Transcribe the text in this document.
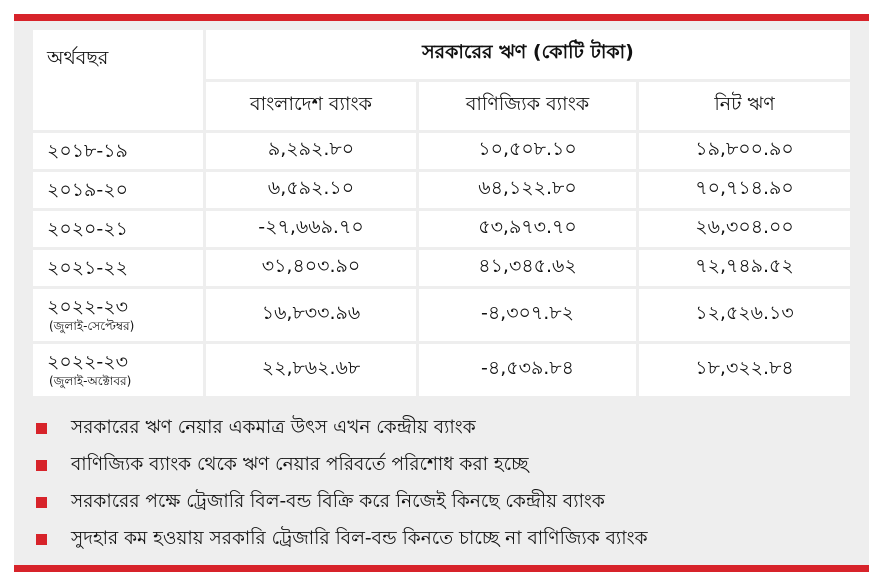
অর্থবছর	সরকারের ঋণ (কোটি টাকা)		
	বাংলাদেশ ব্যাংক	বাণিজ্যিক ব্যাংক	নিট ঋণ

২০১৮-১৯	৯,২৯২.৮০	১০,৫০৮.১০	১৯,৮০০.৯০

২০১৯-২০	৬,৫৯২.১০	৬৪,১২২.৮০	৭০,৭১৪.৯০

২০২০-২১	-২৭,৬৬৯.৭০	৫৩,৯৭৩.৭০	২৬,৩০৪.০০

২০২১-২২	৩১,৪০৩.৯০	৪১,৩৪৫.৬২	৭২,৭৪৯.৫২

২০২২-২৩
(জুলাই-সেপ্টেম্বর)	১৬,৮৩৩.৯৬	-৪,৩০৭.৮২	১২,৫২৬.১৩

২০২২-২৩
(জুলাই-অক্টোবর)	২২,৮৬২.৬৮	-৪,৫৩৯.৮৪	১৮,৩২২.৮৪
সরকারের ঋণ নেয়ার একমাত্র উৎস এখন কেন্দ্রীয় ব্যাংক
বাণিজ্যিক ব্যাংক থেকে ঋণ নেয়ার পরিবর্তে পরিশোধ করা হচ্ছে
সরকারের পক্ষে ট্রেজারি বিল-বন্ড বিক্রি করে নিজেই কিনছে কেন্দ্রীয় ব্যাংক
সুদহার কম হওয়ায় সরকারি ট্রেজারি বিল-বন্ড কিনতে চাচ্ছে না বাণিজ্যিক ব্যাংক
